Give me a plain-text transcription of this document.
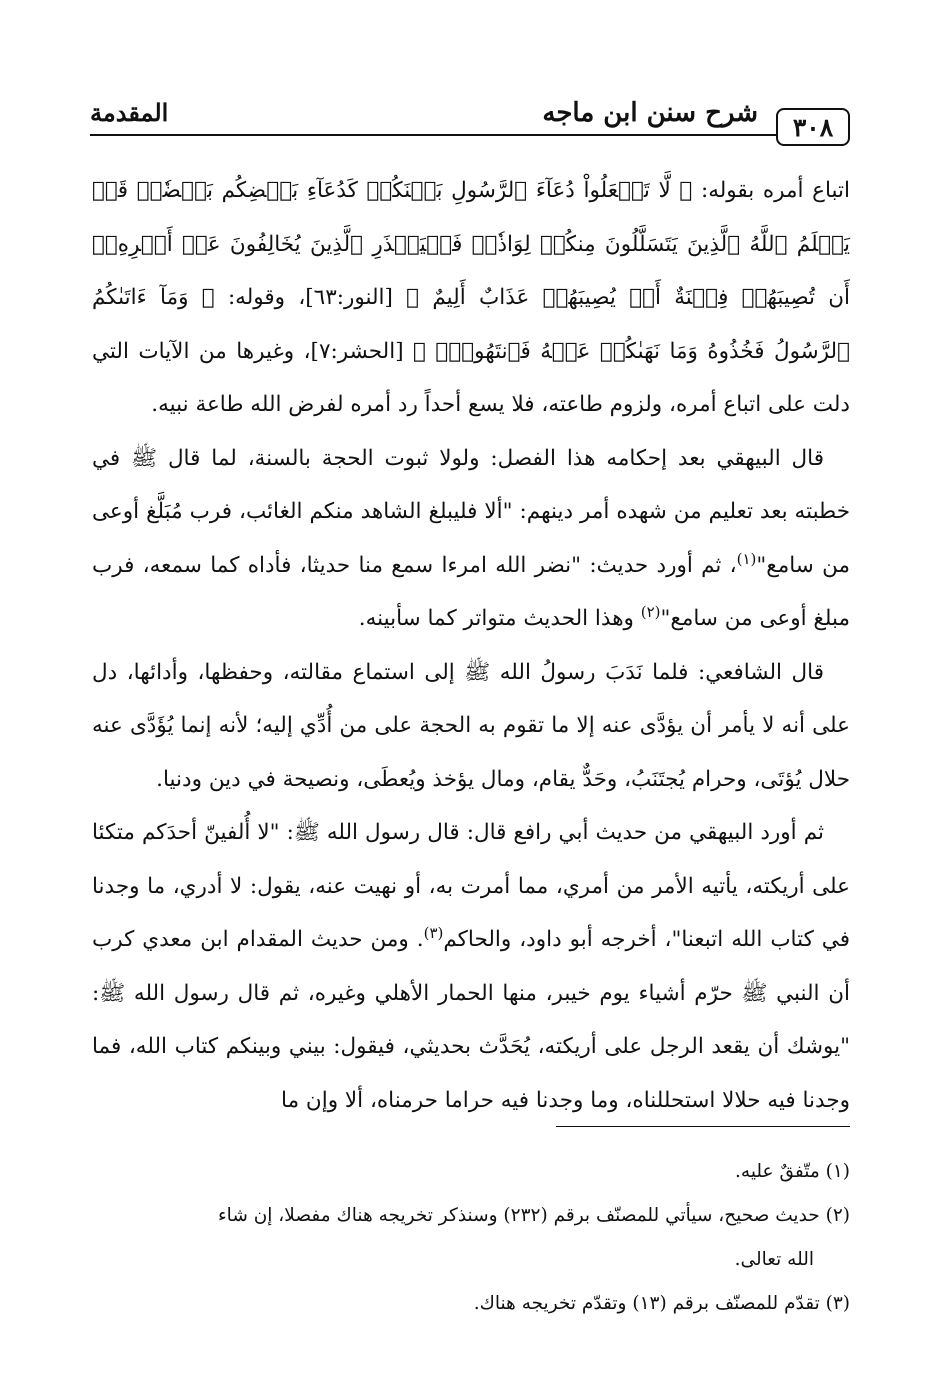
٣٠٨
شرح سنن ابن ماجه
المقدمة

اتباع أمره بقوله: ﴿ لَّا تَجۡعَلُواْ دُعَآءَ ٱلرَّسُولِ بَيۡنَكُمۡ كَدُعَآءِ بَعۡضِكُم بَعۡضٗاۚ قَدۡ يَعۡلَمُ ٱللَّهُ ٱلَّذِينَ يَتَسَلَّلُونَ مِنكُمۡ لِوَاذٗاۚ فَلۡيَحۡذَرِ ٱلَّذِينَ يُخَالِفُونَ عَنۡ أَمۡرِهِۦٓ أَن تُصِيبَهُمۡ فِتۡنَةٌ أَوۡ يُصِيبَهُمۡ عَذَابٌ أَلِيمٌ ﴾ [النور:٦٣]، وقوله: ﴿ وَمَآ ءَاتَىٰكُمُ ٱلرَّسُولُ فَخُذُوهُ وَمَا نَهَىٰكُمۡ عَنۡهُ فَٱنتَهُواْۚ ﴾ [الحشر:٧]، وغيرها من الآيات التي دلت على اتباع أمره، ولزوم طاعته، فلا يسع أحداً رد أمره لفرض الله طاعة نبيه.

قال البيهقي بعد إحكامه هذا الفصل: ولولا ثبوت الحجة بالسنة، لما قال ﷺ في خطبته بعد تعليم من شهده أمر دينهم: "ألا فليبلغ الشاهد منكم الغائب، فرب مُبَلَّغ أوعى من سامع"$^{(١)}$، ثم أورد حديث: "نضر الله امرءا سمع منا حديثا، فأداه كما سمعه، فرب مبلغ أوعى من سامع"$^{(٢)}$ وهذا الحديث متواتر كما سأبينه.

قال الشافعي: فلما نَدَبَ رسولُ الله ﷺ إلى استماع مقالته، وحفظها، وأدائها، دل على أنه لا يأمر أن يؤدَّى عنه إلا ما تقوم به الحجة على من أُدِّي إليه؛ لأنه إنما يُؤَدَّى عنه حلال يُؤتَى، وحرام يُجتَنَبُ، وحَدٌّ يقام، ومال يؤخذ ويُعطَى، ونصيحة في دين ودنيا.

ثم أورد البيهقي من حديث أبي رافع قال: قال رسول الله ﷺ: "لا أُلفينّ أحدَكم متكئا على أريكته، يأتيه الأمر من أمري، مما أمرت به، أو نهيت عنه، يقول: لا أدري، ما وجدنا في كتاب الله اتبعنا"، أخرجه أبو داود، والحاكم$^{(٣)}$. ومن حديث المقدام ابن معدي كرب أن النبي ﷺ حرّم أشياء يوم خيبر، منها الحمار الأهلي وغيره، ثم قال رسول الله ﷺ: "يوشك أن يقعد الرجل على أريكته، يُحَدَّث بحديثي، فيقول: بيني وبينكم كتاب الله، فما وجدنا فيه حلالا استحللناه، وما وجدنا فيه حراما حرمناه، ألا وإن ما

(١) متّفقٌ عليه.

(٢) حديث صحيح، سيأتي للمصنّف برقم (٢٣٢) وسنذكر تخريجه هناك مفصلا، إن شاء

الله تعالى.

(٣) تقدّم للمصنّف برقم (١٣) وتقدّم تخريجه هناك.
